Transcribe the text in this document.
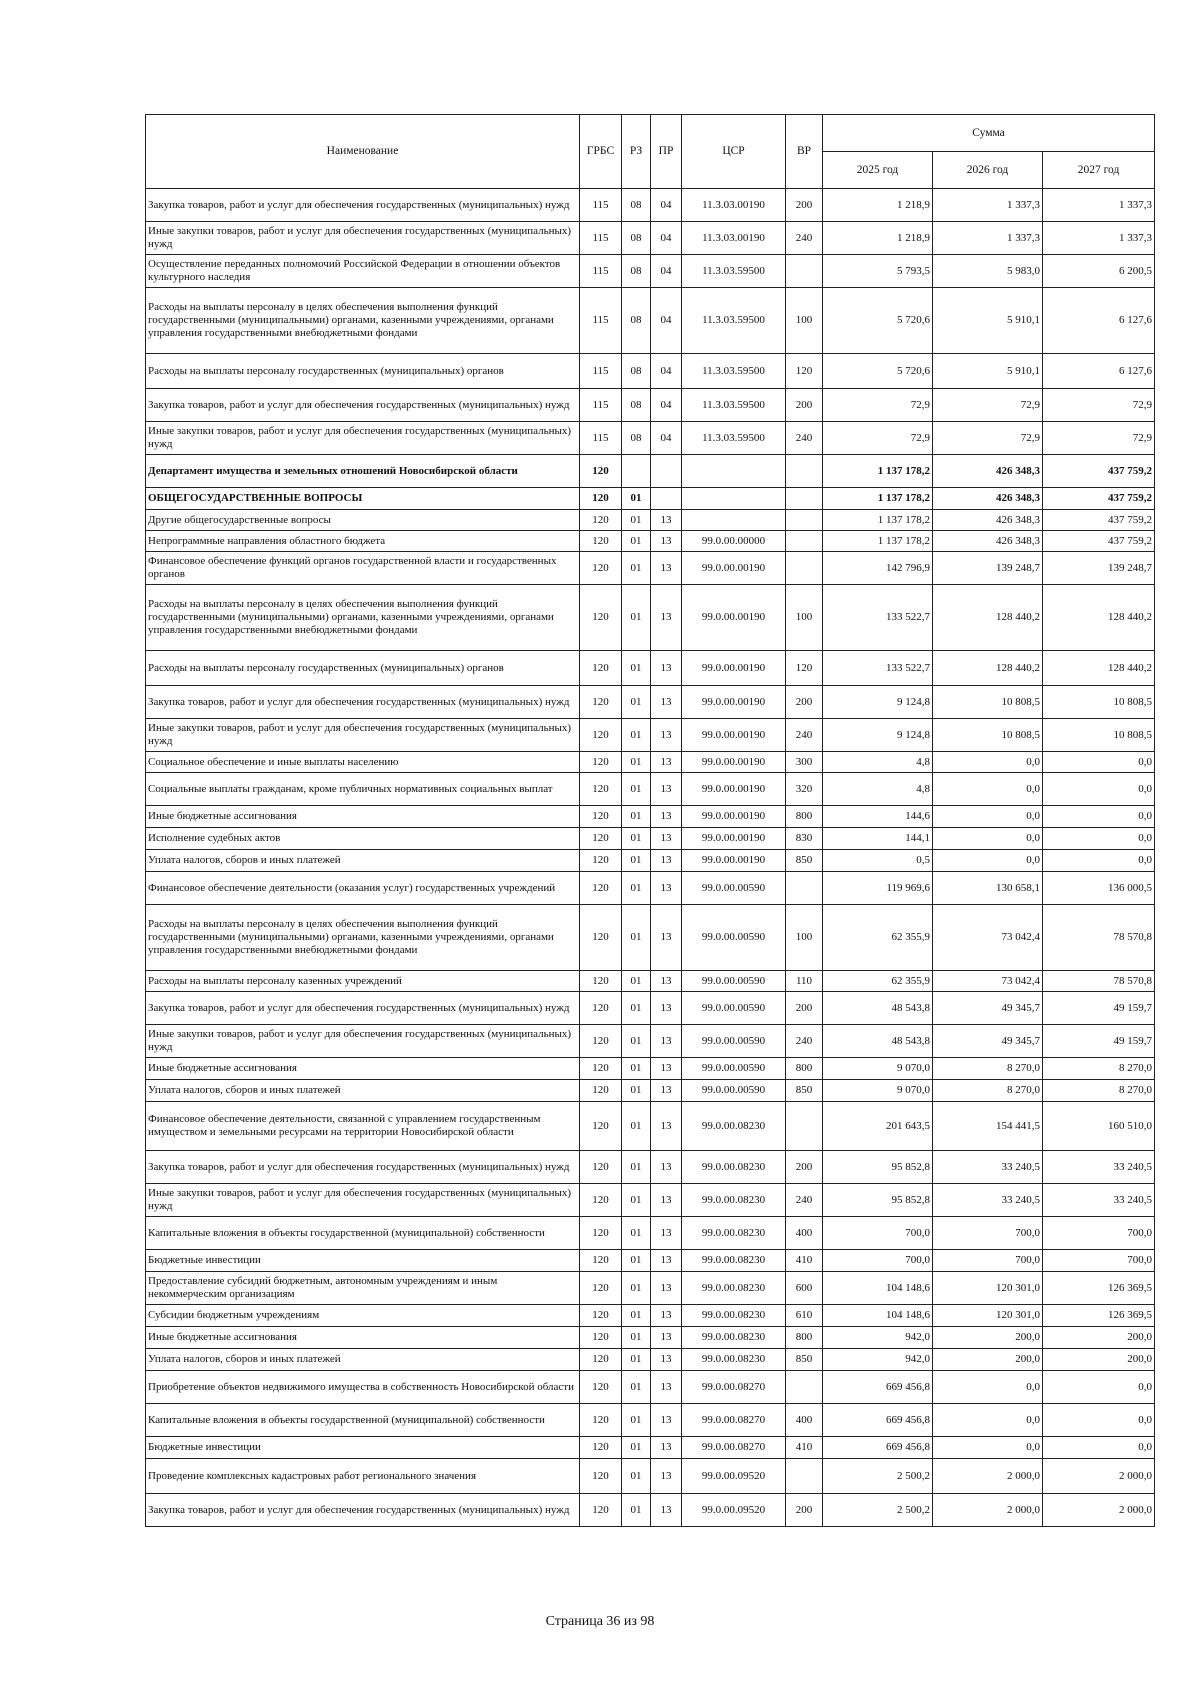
Наименование	ГРБС	РЗ	ПР	ЦСР	ВР	Сумма		
						2025 год	2026 год	2027 год
Закупка товаров, работ и услуг для обеспечения государственных (муниципальных) нужд	115	08	04	11.3.03.00190	200	1 218,9	1 337,3	1 337,3
Иные закупки товаров, работ и услуг для обеспечения государственных (муниципальных) нужд	115	08	04	11.3.03.00190	240	1 218,9	1 337,3	1 337,3
Осуществление переданных полномочий Российской Федерации в отношении объектов культурного наследия	115	08	04	11.3.03.59500		5 793,5	5 983,0	6 200,5
Расходы на выплаты персоналу в целях обеспечения выполнения функций государственными (муниципальными) органами, казенными учреждениями, органами управления государственными внебюджетными фондами	115	08	04	11.3.03.59500	100	5 720,6	5 910,1	6 127,6
Расходы на выплаты персоналу государственных (муниципальных) органов	115	08	04	11.3.03.59500	120	5 720,6	5 910,1	6 127,6
Закупка товаров, работ и услуг для обеспечения государственных (муниципальных) нужд	115	08	04	11.3.03.59500	200	72,9	72,9	72,9
Иные закупки товаров, работ и услуг для обеспечения государственных (муниципальных) нужд	115	08	04	11.3.03.59500	240	72,9	72,9	72,9
Департамент имущества и земельных отношений Новосибирской области	120					1 137 178,2	426 348,3	437 759,2
ОБЩЕГОСУДАРСТВЕННЫЕ ВОПРОСЫ	120	01				1 137 178,2	426 348,3	437 759,2
Другие общегосударственные вопросы	120	01	13			1 137 178,2	426 348,3	437 759,2
Непрограммные направления областного бюджета	120	01	13	99.0.00.00000		1 137 178,2	426 348,3	437 759,2
Финансовое обеспечение функций органов государственной власти и государственных органов	120	01	13	99.0.00.00190		142 796,9	139 248,7	139 248,7
Расходы на выплаты персоналу в целях обеспечения выполнения функций государственными (муниципальными) органами, казенными учреждениями, органами управления государственными внебюджетными фондами	120	01	13	99.0.00.00190	100	133 522,7	128 440,2	128 440,2
Расходы на выплаты персоналу государственных (муниципальных) органов	120	01	13	99.0.00.00190	120	133 522,7	128 440,2	128 440,2
Закупка товаров, работ и услуг для обеспечения государственных (муниципальных) нужд	120	01	13	99.0.00.00190	200	9 124,8	10 808,5	10 808,5
Иные закупки товаров, работ и услуг для обеспечения государственных (муниципальных) нужд	120	01	13	99.0.00.00190	240	9 124,8	10 808,5	10 808,5
Социальное обеспечение и иные выплаты населению	120	01	13	99.0.00.00190	300	4,8	0,0	0,0
Социальные выплаты гражданам, кроме публичных нормативных социальных выплат	120	01	13	99.0.00.00190	320	4,8	0,0	0,0
Иные бюджетные ассигнования	120	01	13	99.0.00.00190	800	144,6	0,0	0,0
Исполнение судебных актов	120	01	13	99.0.00.00190	830	144,1	0,0	0,0
Уплата налогов, сборов и иных платежей	120	01	13	99.0.00.00190	850	0,5	0,0	0,0
Финансовое обеспечение деятельности (оказания услуг) государственных учреждений	120	01	13	99.0.00.00590		119 969,6	130 658,1	136 000,5
Расходы на выплаты персоналу в целях обеспечения выполнения функций государственными (муниципальными) органами, казенными учреждениями, органами управления государственными внебюджетными фондами	120	01	13	99.0.00.00590	100	62 355,9	73 042,4	78 570,8
Расходы на выплаты персоналу казенных учреждений	120	01	13	99.0.00.00590	110	62 355,9	73 042,4	78 570,8
Закупка товаров, работ и услуг для обеспечения государственных (муниципальных) нужд	120	01	13	99.0.00.00590	200	48 543,8	49 345,7	49 159,7
Иные закупки товаров, работ и услуг для обеспечения государственных (муниципальных) нужд	120	01	13	99.0.00.00590	240	48 543,8	49 345,7	49 159,7
Иные бюджетные ассигнования	120	01	13	99.0.00.00590	800	9 070,0	8 270,0	8 270,0
Уплата налогов, сборов и иных платежей	120	01	13	99.0.00.00590	850	9 070,0	8 270,0	8 270,0
Финансовое обеспечение деятельности, связанной с управлением государственным имуществом и земельными ресурсами на территории Новосибирской области	120	01	13	99.0.00.08230		201 643,5	154 441,5	160 510,0
Закупка товаров, работ и услуг для обеспечения государственных (муниципальных) нужд	120	01	13	99.0.00.08230	200	95 852,8	33 240,5	33 240,5
Иные закупки товаров, работ и услуг для обеспечения государственных (муниципальных) нужд	120	01	13	99.0.00.08230	240	95 852,8	33 240,5	33 240,5
Капитальные вложения в объекты государственной (муниципальной) собственности	120	01	13	99.0.00.08230	400	700,0	700,0	700,0
Бюджетные инвестиции	120	01	13	99.0.00.08230	410	700,0	700,0	700,0
Предоставление субсидий бюджетным, автономным учреждениям и иным некоммерческим организациям	120	01	13	99.0.00.08230	600	104 148,6	120 301,0	126 369,5
Субсидии бюджетным учреждениям	120	01	13	99.0.00.08230	610	104 148,6	120 301,0	126 369,5
Иные бюджетные ассигнования	120	01	13	99.0.00.08230	800	942,0	200,0	200,0
Уплата налогов, сборов и иных платежей	120	01	13	99.0.00.08230	850	942,0	200,0	200,0
Приобретение объектов недвижимого имущества в собственность Новосибирской области	120	01	13	99.0.00.08270		669 456,8	0,0	0,0
Капитальные вложения в объекты государственной (муниципальной) собственности	120	01	13	99.0.00.08270	400	669 456,8	0,0	0,0
Бюджетные инвестиции	120	01	13	99.0.00.08270	410	669 456,8	0,0	0,0
Проведение комплексных кадастровых работ регионального значения	120	01	13	99.0.00.09520		2 500,2	2 000,0	2 000,0
Закупка товаров, работ и услуг для обеспечения государственных (муниципальных) нужд	120	01	13	99.0.00.09520	200	2 500,2	2 000,0	2 000,0
Страница 36 из 98
